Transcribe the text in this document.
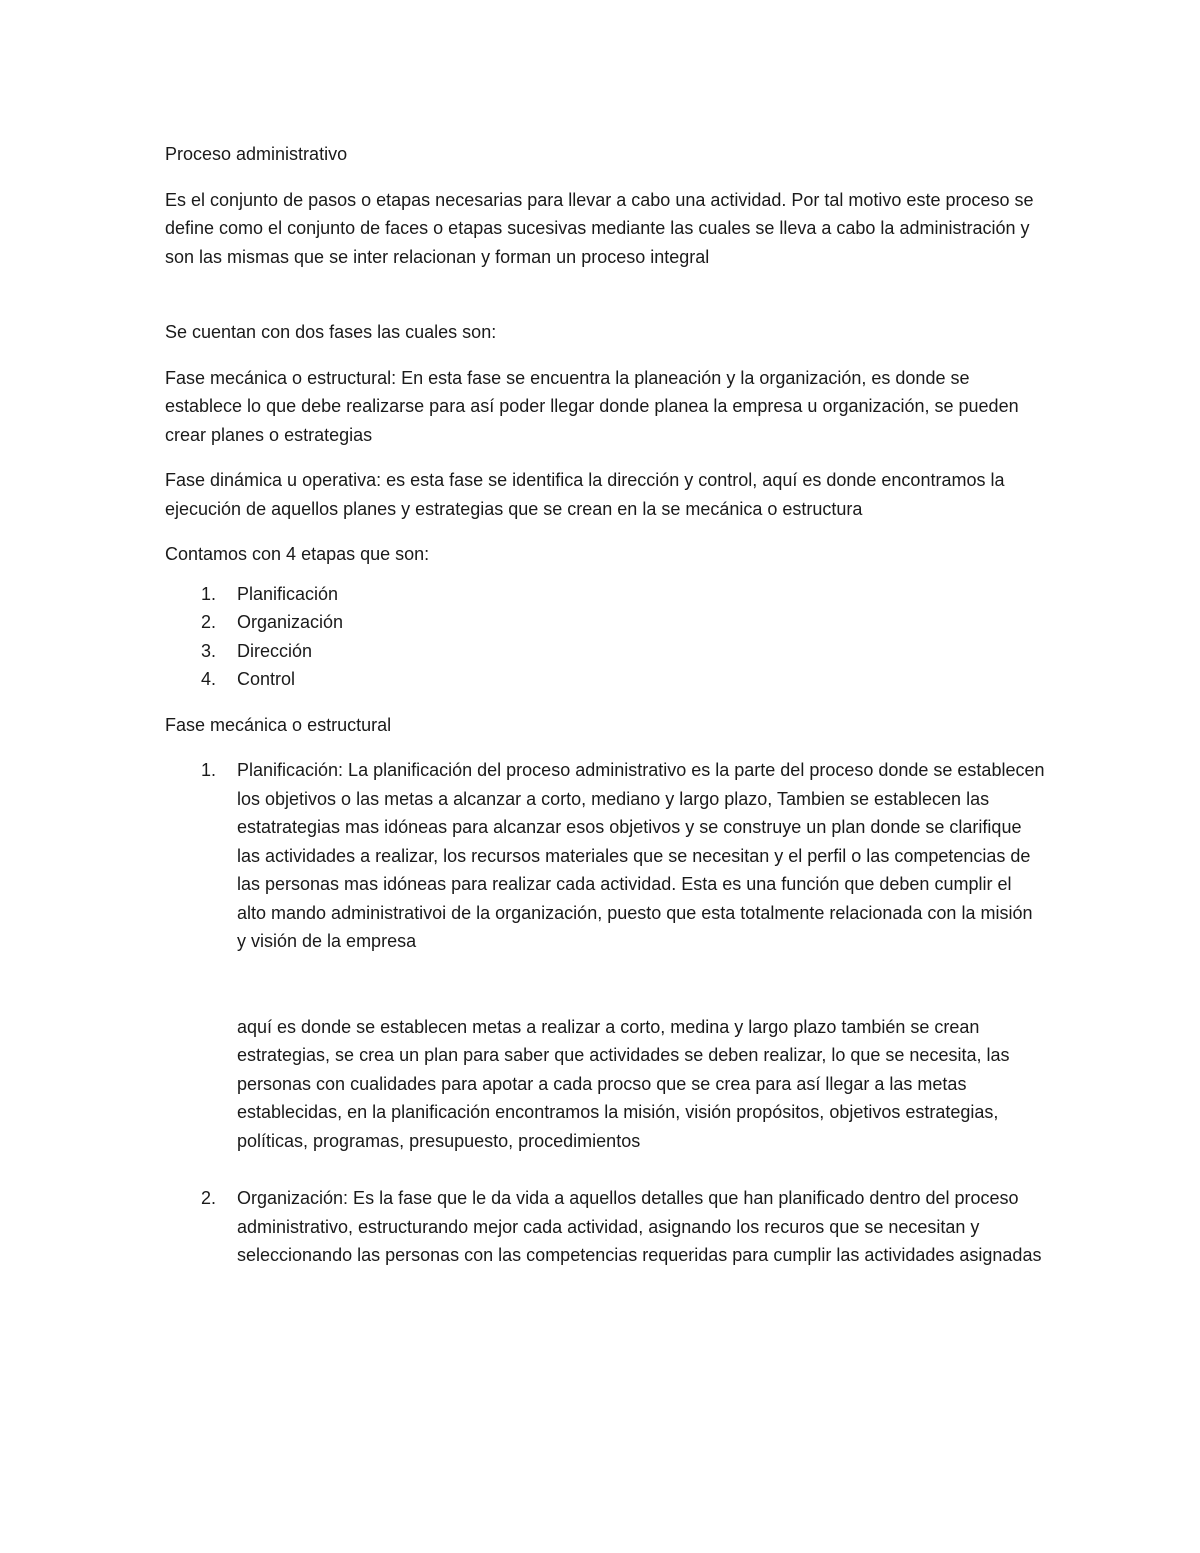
Proceso administrativo

Es el conjunto de pasos o etapas necesarias para llevar a cabo una actividad. Por tal motivo este proceso se define como el conjunto de faces o etapas sucesivas mediante las cuales se lleva a cabo la administración y son las mismas que se inter relacionan y forman un proceso integral

Se cuentan con dos fases las cuales son:

Fase mecánica o estructural: En esta fase se encuentra la planeación y la organización, es donde se establece lo que debe realizarse para así poder llegar donde planea la empresa u organización, se pueden crear planes o estrategias

Fase dinámica u operativa: es esta fase se identifica la dirección y control, aquí es donde encontramos la ejecución de aquellos planes y estrategias que se crean en la se mecánica o estructura

Contamos con 4 etapas que son:

1. Planificación
2. Organización
3. Dirección
4. Control

Fase mecánica o estructural

1. Planificación: La planificación del proceso administrativo es la parte del proceso donde se establecen los objetivos o las metas a alcanzar a corto, mediano y largo plazo, Tambien se establecen las estatrategias mas idóneas para alcanzar esos objetivos y se construye un plan donde se clarifique las actividades a realizar, los recursos materiales que se necesitan y el perfil o las competencias de las personas mas idóneas para realizar cada actividad. Esta es una función que deben cumplir el alto mando administrativoi de la organización, puesto que esta totalmente relacionada con la misión y visión de la empresa

aquí es donde se establecen metas a realizar a corto, medina y largo plazo también se crean estrategias, se crea un plan para saber que actividades se deben realizar, lo que se necesita, las personas con cualidades para apotar a cada procso que se crea para así llegar a las metas establecidas, en la planificación encontramos la misión, visión propósitos, objetivos estrategias, políticas, programas, presupuesto, procedimientos

2. Organización: Es la fase que le da vida a aquellos detalles que han planificado dentro del proceso administrativo, estructurando mejor cada actividad, asignando los recuros que se necesitan y seleccionando las personas con las competencias requeridas para cumplir las actividades asignadas
